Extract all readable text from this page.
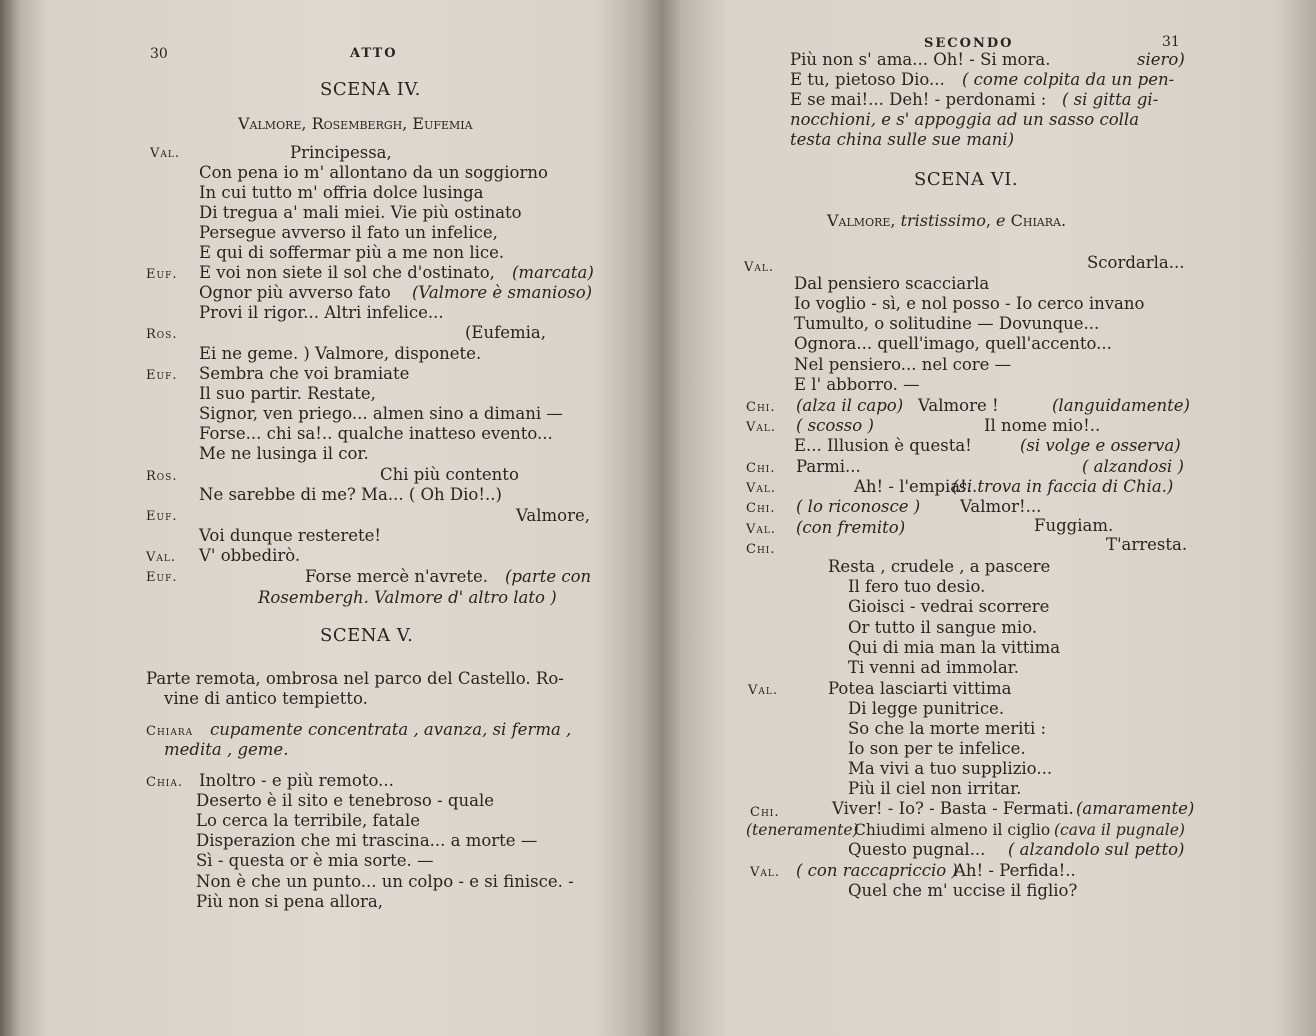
30	ATTO
SCENA IV.
Valmore, Rosembergh, Eufemia
Val.	Principessa,
Con pena io m' allontano da un soggiorno
In cui tutto m' offria dolce lusinga
Di tregua a' mali miei. Vie più ostinato
Persegue avverso il fato un infelice,
E qui di soffermar più a me non lice.
Euf. E voi non siete il sol che d'ostinato, (marcata)
Ognor più avverso fato (Valmore è smanioso)
Provi il rigor... Altri infelice...
Ros.	(Eufemia,
Ei ne geme. ) Valmore, disponete.
Euf. Sembra che voi bramiate
Il suo partir. Restate,
Signor, ven priego... almen sino a dimani —
Forse... chi sa!.. qualche inatteso evento...
Me ne lusinga il cor.
Ros.	Chi più contento
Ne sarebbe di me? Ma... ( Oh Dio!..)
Euf.	Valmore,
Voi dunque resterete!
Val. V' obbedirò.
Euf.	Forse mercè n'avrete. (parte con
Rosembergh. Valmore d' altro lato )
SCENA V.
Parte remota, ombrosa nel parco del Castello. Ro-
vine di antico tempietto.
Chiara cupamente concentrata , avanza, si ferma ,
medita , geme.
Chia. Inoltro - e più remoto...
Deserto è il sito e tenebroso - quale
Lo cerca la terribile, fatale
Disperazion che mi trascina... a morte —
Sì - questa or è mia sorte. —
Non è che un punto... un colpo - e si finisce. -
Più non si pena allora,
SECONDO	31
Più non s' ama... Oh! - Si mora.	siero)
E tu, pietoso Dio... ( come colpita da un pen-
E se mai!... Deh! - perdonami : ( si gitta gi-
nocchioni, e s' appoggia ad un sasso colla
testa china sulle sue mani)
SCENA VI.
Valmore, tristissimo, e Chiara.
Val.	Scordarla...
Dal pensiero scacciarla
Io voglio - sì, e nol posso - Io cerco invano
Tumulto, o solitudine — Dovunque...
Ognora... quell'imago, quell'accento...
Nel pensiero... nel core —
E l' abborro. —
Chi. (alza il capo) Valmore !	(languidamente)
Val. ( scosso )	Il nome mio!..
E... Illusion è questa!	(si volge e osserva)
Chi. Parmi...	( alzandosi )
Val.	Ah! - l'empia!..
(si trova in faccia di Chia.)
Chi. ( lo riconosce ) Valmor!...
Val. (con fremito)	Fuggiam.
Chi.	T'arresta.
Resta , crudele , a pascere
Il fero tuo desio.
Gioisci - vedrai scorrere
Or tutto il sangue mio.
Qui di mia man la vittima
Ti venni ad immolar.
Val.	Potea lasciarti vittima
Di legge punitrice.
So che la morte meriti :
Io son per te infelice.
Ma vivi a tuo supplizio...
Più il ciel non irritar.
Chi.	Viver! - Io? - Basta - Fermati. (amaramente)
(teneramente)
Chiudimi almeno il ciglio (cava il pugnale)
Questo pugnal... ( alzandolo sul petto)
Val. ( con raccapriccio )
Ah! - Perfida!..
Quel che m' uccise il figlio?
